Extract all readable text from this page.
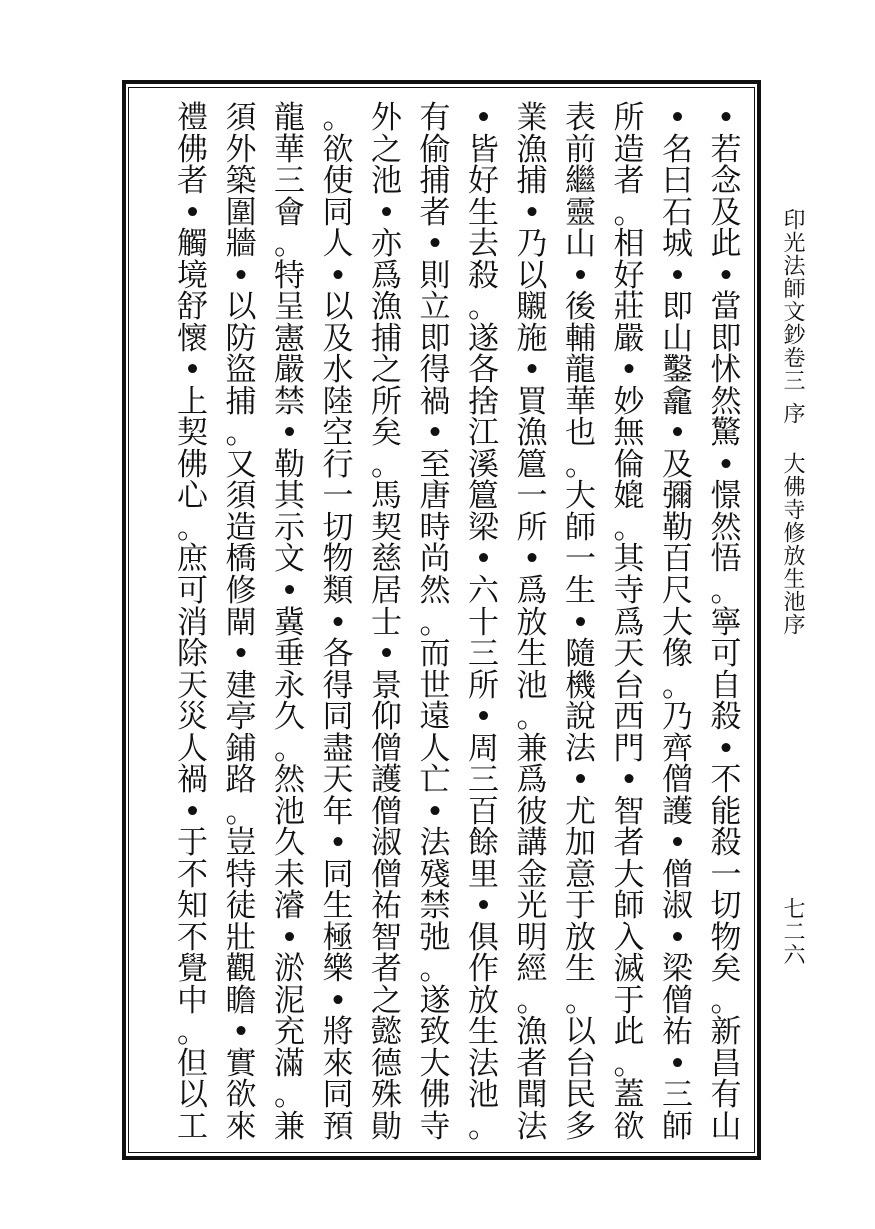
•
若
念
及
此
•
當
即
怵
然
驚
•
憬
然
悟
。
寧
可
自
殺
•
不
能
殺
一
切
物
矣
。
新
昌
有
山
•
名
曰
石
城
•
即
山
鑿
龕
•
及
彌
勒
百
尺
大
像
。
乃
齊
僧
護
•
僧
淑
•
梁
僧
祐
•
三
師
所
造
者
。
相
好
莊
嚴
•
妙
無
倫
媲
。
其
寺
爲
天
台
西
門
•
智
者
大
師
入
滅
于
此
。
蓋
欲
表
前
繼
靈
山
•
後
輔
龍
華
也
。
大
師
一
生
•
隨
機
說
法
•
尤
加
意
于
放
生
。
以
台
民
多
業
漁
捕
•
乃
以
䞋
施
•
買
漁
簄
一
所
•
爲
放
生
池
。
兼
爲
彼
講
金
光
明
經
。
漁
者
聞
法
•
皆
好
生
去
殺
。
遂
各
捨
江
溪
簄
梁
•
六
十
三
所
•
周
三
百
餘
里
•
俱
作
放
生
法
池
。
有
偷
捕
者
•
則
立
即
得
禍
•
至
唐
時
尚
然
。
而
世
遠
人
亡
•
法
殘
禁
弛
。
遂
致
大
佛
寺
外
之
池
•
亦
爲
漁
捕
之
所
矣
。
馬
契
慈
居
士
•
景
仰
僧
護
僧
淑
僧
祐
智
者
之
懿
德
殊
勛
。
欲
使
同
人
•
以
及
水
陸
空
行
一
切
物
類
•
各
得
同
盡
天
年
•
同
生
極
樂
•
將
來
同
預
龍
華
三
會
。
特
呈
憲
嚴
禁
•
勒
其
示
文
•
冀
垂
永
久
。
然
池
久
未
濬
•
淤
泥
充
滿
。
兼
須
外
築
圍
牆
•
以
防
盜
捕
。
又
須
造
橋
修
閘
•
建
亭
鋪
路
。
豈
特
徒
壯
觀
瞻
•
實
欲
來
禮
佛
者
•
觸
境
舒
懷
•
上
契
佛
心
。
庶
可
消
除
天
災
人
禍
•
于
不
知
不
覺
中
。
但
以
工
印光法師文鈔卷三
序
大佛寺修放生池序
七二六
